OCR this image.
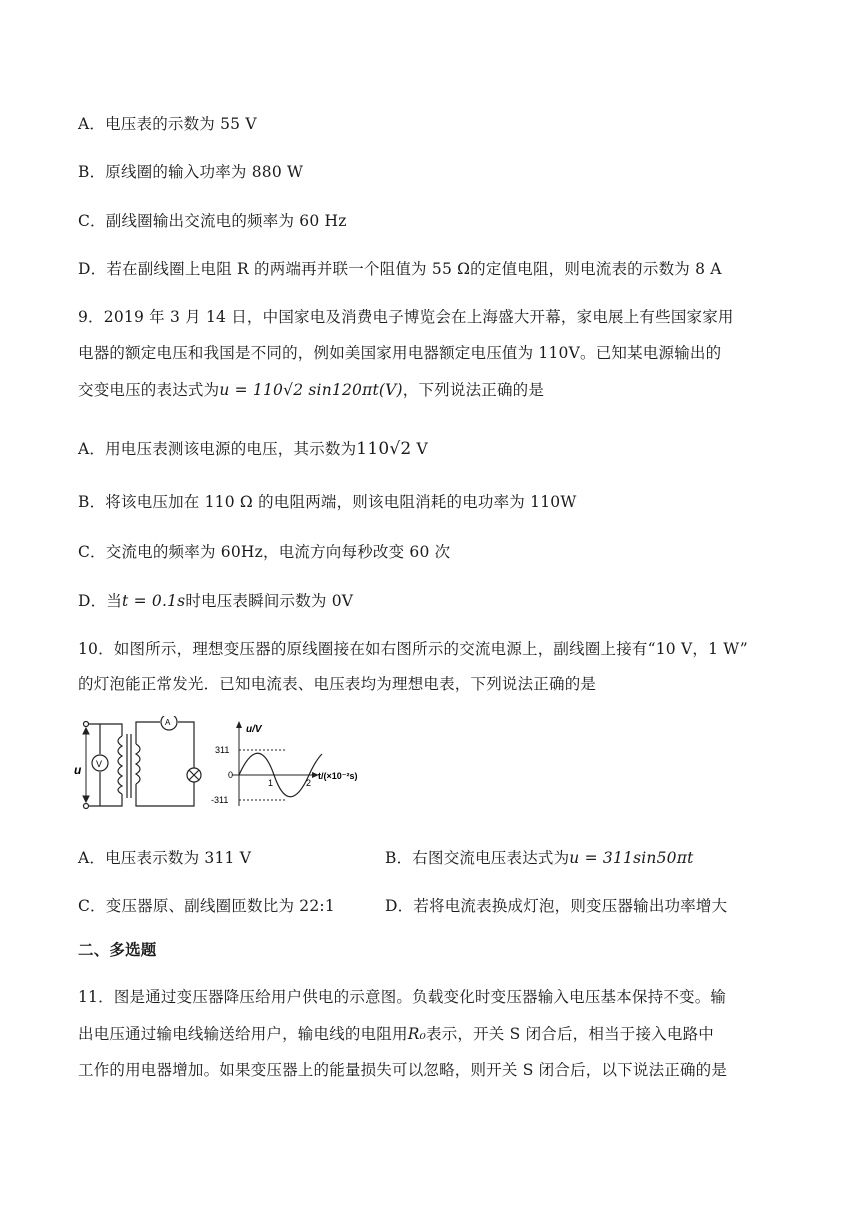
A．电压表的示数为 55 V
B．原线圈的输入功率为 880 W
C．副线圈输出交流电的频率为 60 Hz
D．若在副线圈上电阻 R 的两端再并联一个阻值为 55 Ω的定值电阻，则电流表的示数为 8 A
9．2019 年 3 月 14 日，中国家电及消费电子博览会在上海盛大开幕，家电展上有些国家家用
电器的额定电压和我国是不同的，例如美国家用电器额定电压值为 110V。已知某电源输出的
交变电压的表达式为u = 110√2 sin120πt(V)，下列说法正确的是
A．用电压表测该电源的电压，其示数为110√2 V
B．将该电压加在 110 Ω 的电阻两端，则该电阻消耗的电功率为 110W
C．交流电的频率为 60Hz，电流方向每秒改变 60 次
D．当t = 0.1s时电压表瞬间示数为 0V
10．如图所示，理想变压器的原线圈接在如右图所示的交流电源上，副线圈上接有“10 V，1 W”
的灯泡能正常发光．已知电流表、电压表均为理想电表，下列说法正确的是
u V
A
u/V
311
0
-311
1	2
t/(×10⁻²s)
A．电压表示数为 311 V	B．右图交流电压表达式为u = 311sin50πt
C．变压器原、副线圈匝数比为 22:1	D．若将电流表换成灯泡，则变压器输出功率增大
二、多选题
11．图是通过变压器降压给用户供电的示意图。负载变化时变压器输入电压基本保持不变。输
出电压通过输电线输送给用户，输电线的电阻用R₀表示，开关 S 闭合后，相当于接入电路中
工作的用电器增加。如果变压器上的能量损失可以忽略，则开关 S 闭合后，以下说法正确的是
